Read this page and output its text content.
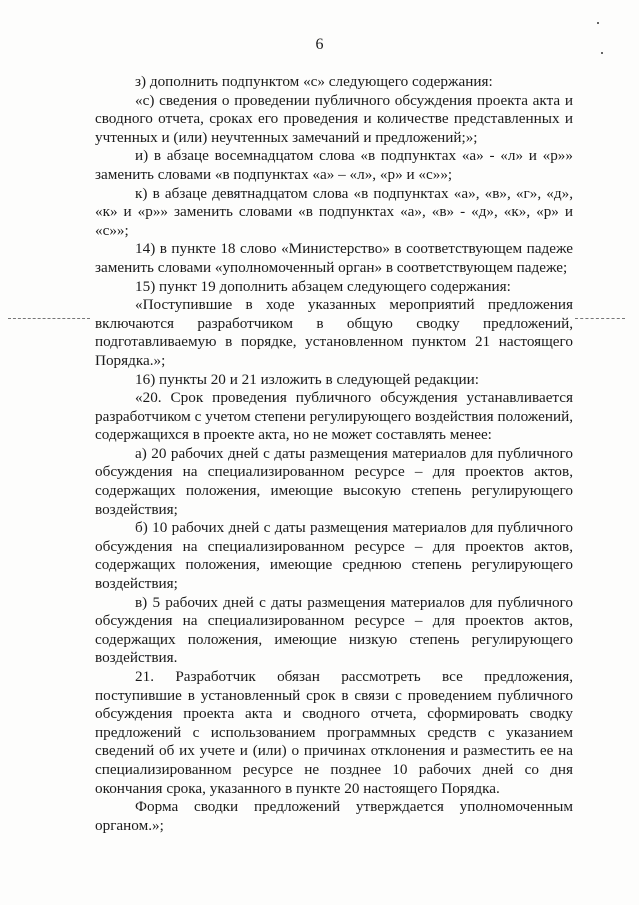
6

з) дополнить подпунктом «с» следующего содержания:

«с) сведения о проведении публичного обсуждения проекта акта и сводного отчета, сроках его проведения и количестве представленных и учтенных и (или) неучтенных замечаний и предложений;»;

и) в абзаце восемнадцатом слова «в подпунктах «а» - «л» и «р»» заменить словами «в подпунктах «а» – «л», «р» и «с»»;

к) в абзаце девятнадцатом слова «в подпунктах «а», «в», «г», «д», «к» и «р»» заменить словами «в подпунктах «а», «в» - «д», «к», «р» и «с»»;

14) в пункте 18 слово «Министерство» в соответствующем падеже заменить словами «уполномоченный орган» в соответствующем падеже;

15) пункт 19 дополнить абзацем следующего содержания:

«Поступившие в ходе указанных мероприятий предложения включаются разработчиком в общую сводку предложений, подготавливаемую в порядке, установленном пунктом 21 настоящего Порядка.»;

16) пункты 20 и 21 изложить в следующей редакции:

«20. Срок проведения публичного обсуждения устанавливается разработчиком с учетом степени регулирующего воздействия положений, содержащихся в проекте акта, но не может составлять менее:

а) 20 рабочих дней с даты размещения материалов для публичного обсуждения на специализированном ресурсе – для проектов актов, содержащих положения, имеющие высокую степень регулирующего воздействия;

б) 10 рабочих дней с даты размещения материалов для публичного обсуждения на специализированном ресурсе – для проектов актов, содержащих положения, имеющие среднюю степень регулирующего воздействия;

в) 5 рабочих дней с даты размещения материалов для публичного обсуждения на специализированном ресурсе – для проектов актов, содержащих положения, имеющие низкую степень регулирующего воздействия.

21. Разработчик обязан рассмотреть все предложения, поступившие в установленный срок в связи с проведением публичного обсуждения проекта акта и сводного отчета, сформировать сводку предложений с использованием программных средств с указанием сведений об их учете и (или) о причинах отклонения и разместить ее на специализированном ресурсе не позднее 10 рабочих дней со дня окончания срока, указанного в пункте 20 настоящего Порядка.

Форма сводки предложений утверждается уполномоченным органом.»;
